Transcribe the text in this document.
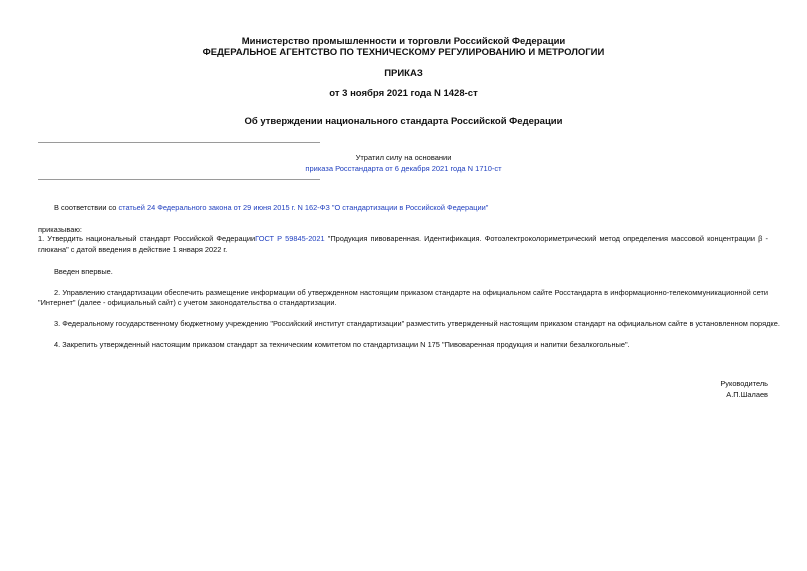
Министерство промышленности и торговли Российской Федерации
ФЕДЕРАЛЬНОЕ АГЕНТСТВО ПО ТЕХНИЧЕСКОМУ РЕГУЛИРОВАНИЮ И МЕТРОЛОГИИ
ПРИКАЗ
от 3 ноября 2021 года N 1428-ст
Об утверждении национального стандарта Российской Федерации
Утратил силу на основании
приказа Росстандарта от 6 декабря 2021 года N 1710-ст
В соответствии со статьей 24 Федерального закона от 29 июня 2015 г. N 162-ФЗ "О стандартизации в Российской Федерации"
приказываю:
1. Утвердить национальный стандарт Российской ФедерацииГОСТ Р 59845-2021 "Продукция пивоваренная. Идентификация. Фотоэлектроколориметрический метод определения массовой концентрации β -
глюкана" с датой введения в действие 1 января 2022 г.
Введен впервые.
2. Управлению стандартизации обеспечить размещение информации об утвержденном настоящим приказом стандарте на официальном сайте Росстандарта в информационно-телекоммуникационной сети
"Интернет" (далее - официальный сайт) с учетом законодательства о стандартизации.
3. Федеральному государственному бюджетному учреждению "Российский институт стандартизации" разместить утвержденный настоящим приказом стандарт на официальном сайте в установленном порядке.
4. Закрепить утвержденный настоящим приказом стандарт за техническим комитетом по стандартизации N 175 "Пивоваренная продукция и напитки безалкогольные".
Руководитель
А.П.Шалаев
